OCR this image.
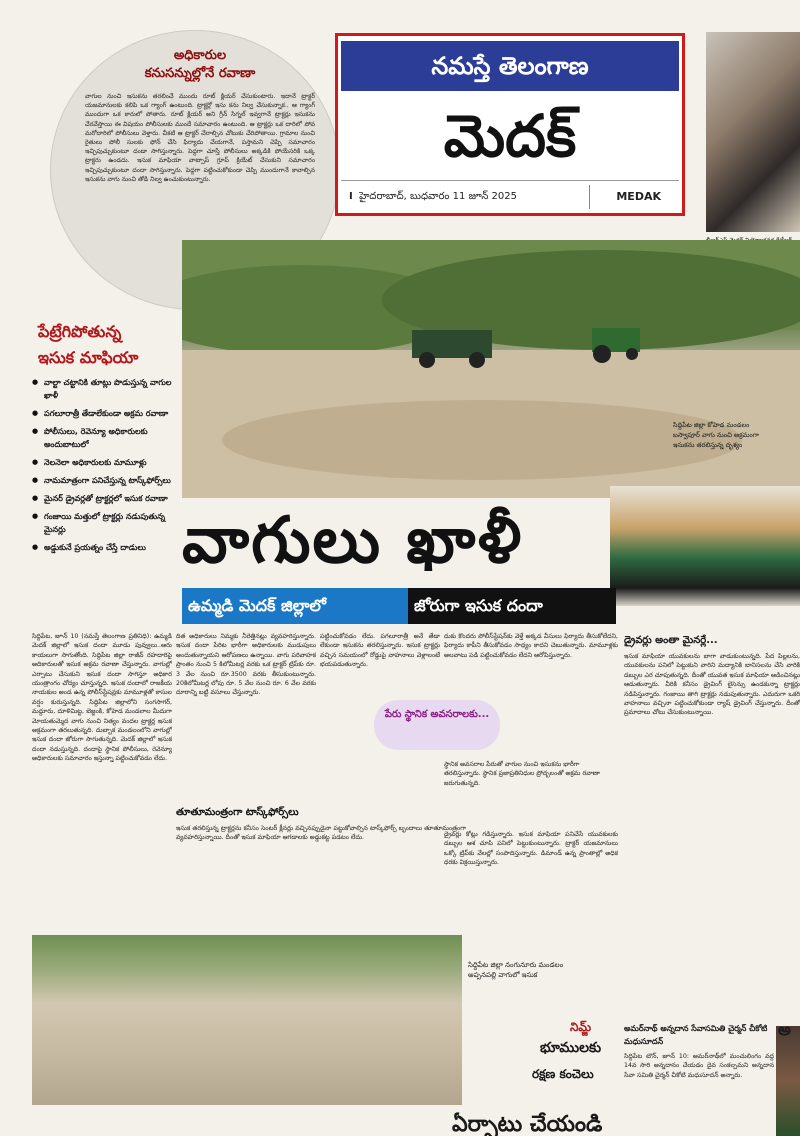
అధికారుల
కనుసన్నుల్లోనే రవాణా
వాగుల నుంచి ఇసుకను తరలించే ముందు రూట్ క్లియర్ చేసుకుంటారు. ఇదానే ట్రాక్టర్ యజమానులకు కలిపి ఒక గ్యాంగ్ ఉంటుంది. ట్రాక్టర్లో ఇసు కను నిల్వ చేసుకున్నాక.. ఆ గ్యాంగ్ ముందుగా ఒక కారులో పోతారు. రూట్ క్లియర్ అని గ్రీన్ సిగ్నల్ ఇవ్వగానే ట్రాక్టర్లు ఇసుకను చేరవేస్తాయి ఈ విషయం పోలీసులకు ముందే సమాచారం ఉంటుంది. ఆ ట్రాక్టర్లు ఒక దారిలో పోవ మరోదారిలో పోలీసులు వెళ్తారు. చీకటి ఆ ట్రాక్టర్ చేరాల్సిన చోటుకు చేరిపోతాయి. గ్రామాల నుంచి రైతులు పోలీ సులకు ఫోన్ చేసి ఫిర్యాదు చేయగానే, పస్తామని చెప్పి సమాచారం ఇచ్చిపుచ్చుకుంటూ దండా సాగిస్తున్నారు. పెద్దగా చూస్తే పోలీసులు అక్కడికి పోయేసరికి ఒక్క ట్రాక్టరు ఉండదు. ఇసుక మాఫియా వాట్సాప్ గ్రూప్ క్రియేట్ చేసుకుని సమాచారం ఇచ్చిపుచ్చుకుంటూ దందా సాగిస్తున్నారు. పెద్దగా పట్టించుకోకుండా చెప్పి ముందుగానే కావాల్సిన ఇసుకను వాగు నుంచి తోడి నిల్వ ఉంచుకుంటున్నారు.
నమస్తే తెలంగాణ
మెదక్
I హైదరాబాద్, బుధవారం 11 జూన్ 2025	MEDAK
సిద్దిపేట జిల్లా కోహెడ మండలం బస్వాపూర్ వాగు నుంచి అక్రమంగా ఇసుకను తరలిస్తున్న దృశ్యం
పేట్రేగిపోతున్న
ఇసుక మాఫియా
● వాల్టా చట్టానికి తూట్లు పొడుస్తున్న వాగుల ఖాళీ
● పగలూరాత్రీ తేడాలేకుండా అక్రమ రవాణా
● పోలీసులు, రెవెన్యూ అధికారులకు అందుబాటులో
● నెలనెలా అధికారులకు మామూళ్లు
● నామమాత్రంగా పనిచేస్తున్న టాస్క్‌ఫోర్స్‌లు
● మైనర్ డ్రైవర్లతో ట్రాక్టర్లలో ఇసుక రవాణా
● గంజాయి మత్తులో ట్రాక్టర్లు నడుపుతున్న మైనర్లు
● అడ్డుకునే ప్రయత్నం చేస్తే దాడులు వాగులు ఖాళీ
ఉమ్మడి మెదక్ జిల్లాలో	జోరుగా ఇసుక దందా
సిద్దిపేట, జూన్ 10 (నమస్తే తెలంగాణ ప్రతినిధి): ఉమ్మడి మెదక్ జిల్లాలో ఇసుక దందా మూడు పువ్వులు..ఆరు కాయలుగా సాగుతోంది. సిద్దిపేట జిల్లా రాజీవ్ రహదారిపై అదికారులతో ఇసుక అక్రమ రవాణా చేస్తున్నారు. వాగుల్లో ఎర్పాటు చేసుకుని ఇసుక దందా సాగిస్తూ అధికార యంత్రాంగం చోద్యం చూస్తున్నది. ఇసుక దందాలో రాజకీయ నాయకుల అండ ఉన్న పోలీస్‌స్టేషన్లకు మామూళ్లతో కాసుల వర్షం కురుస్తున్నది. సిద్దిపేట జిల్లాలోని సంగసాగర్, మద్దూరు, దూళిమిట్ట, బెజ్జంకి, కోహెడ మండలాల మీదుగా మోయతుమ్మెద వాగు నుంచి నిత్యం వందల ట్రాక్టర్ల ఇసుక అక్రమంగా తరలుతున్నది. దుబ్బాక మండలంలోని వాగుల్లో ఇసుక దందా జోరుగా సాగుతున్నది. మెదక్ జిల్లాలో ఇసుక దందా నడుస్తున్నది. దందాపై స్థానిక పోలీసులు, రెవెన్యూ అధికారులకు సమాచారం ఇస్తున్నా పట్టించుకోవడం లేదు.
దిత అధికారులు నిమ్మకు నీరెత్తినట్లు వ్యవహరిస్తున్నారు. ఇసుక దందా పేరిట భారీగా అధికారులకు ముడుపులు అందుతున్నాయని ఆరోపణలు ఉన్నాయి. వాగు పరివాహక ప్రాంతం నుంచి 5 కిలోమీటర్ల వరకు ఒక ట్రాక్టర్ ట్రిప్‌కు రూ. 3 వేల నుంచి రూ.3500 వరకు తీసుకుంటున్నారు. 20కిలోమీటర్ల లోపు రూ. 5 వేల నుంచి రూ. 6 వేల వరకు దూరాన్ని బట్టి వసూలు చేస్తున్నారు.
పట్టించుకోవడం లేదు. పగలూరాత్రీ అనే తేడా లేకుండా ఇసుకను తరలిస్తున్నారు. ఇసుక ట్రాక్టర్లు వచ్చిన సమయంలో రోడ్డుపై వాహనాలు వెళ్లాలంటే భయపడుతున్నారు.
దుకు కొందరు పోలీస్‌స్టేషన్‌కు వెళ్తే అక్కడ వీసులు ఫిర్యాదు తీసుకోలేదని, ఫిర్యాదు కాపీని తీసుకోవడం సాధ్యం కాదని చెబుతున్నారు. మామూళ్లకు అలవాటు పడి పట్టించుకోవడం లేదని ఆరోపిస్తున్నారు.
డ్రైవర్లు అంతా మైనర్లే...
ఇసుక మాఫియా యువకులను బాగా వాడుకుంటున్నది. పేద పిల్లలను, యువకులను పనిలో పెట్టుకుని వారిని మద్యానికి బానిసలను చేసి వారికి డబ్బుల ఎర చూపుతున్నది. దీంతో యువత ఇసుక మాఫియా ఆడించినట్లు ఆడుతున్నారు. వీరికి కనీసం డ్రైవింగ్ లైసెన్సు ఉండకున్నా ట్రాక్టర్లు నడిపిస్తున్నారు. గంజాయి తాగి ట్రాక్టర్లు నడుపుతున్నారు. ఎదురుగా ఒకరి వాహనాలు వచ్చినా పట్టించుకోకుండా ర్యాష్ డ్రైవింగ్ చేస్తున్నారు. దీంతో ప్రమాదాలు చోటు చేసుకుంటున్నాయి.
పేరు స్థానిక అవసరాలకు...
స్థానిక అవసరాల పేరుతో వాగుల నుంచి ఇసుకను భారీగా తరలిస్తున్నారు. స్థానిక ప్రజాప్రతినిధుల ప్రోద్బలంతో అక్రమ రవాణా జరుగుతున్నది.
తూతూమంత్రంగా టాస్క్‌ఫోర్స్‌లు
ఇసుక తరలిస్తున్న ట్రాక్టర్లను కనీసం సెంటర్ క్లీనర్లు వచ్చినప్పుడైనా పట్టుకోవాల్సిన టాస్క్‌ఫోర్స్ బృందాలు తూతూమంత్రంగా వ్యవహరిస్తున్నాయి. దీంతో ఇసుక మాఫియా ఆగడాలకు అడ్డుకట్ట పడటం లేదు.	డ్రైవర్లు కోట్లు గడిస్తున్నారు. ఇసుక మాఫియా పనిచేసే యువకులకు డబ్బుల ఆశ చూపి పనిలో పెట్టుకుంటున్నారు. ట్రాక్టర్ యజమానులు ఒక్కో ట్రిప్‌కు వేలల్లో సంపాదిస్తున్నారు. డిమాండ్ ఉన్న ప్రాంతాల్లో అధిక ధరకు విక్రయిస్తున్నారు.
సిద్దిపేట జిల్లా నంగునూరు మండలం అప్పనపల్లి వాగులో ఇసుక
నిమ్జ్
భూములకు
రక్షణ కంచెలు
ఏర్పాటు చేయండి
అమర్‌నాథ్ అన్నదాన సేవాసమితి చైర్మన్ చీకోటి మధుసూదన్
సిద్దిపేట టౌన్, జూన్ 10: అమర్‌నాథ్‌లో మంచులింగం వద్ద 14వ సారి అన్నదానం చేయడం దైవ సంకల్పమని అన్నదాన సేవా సమితి చైర్మన్ చీకోటి మధుసూదన్ అన్నారు.
అ
